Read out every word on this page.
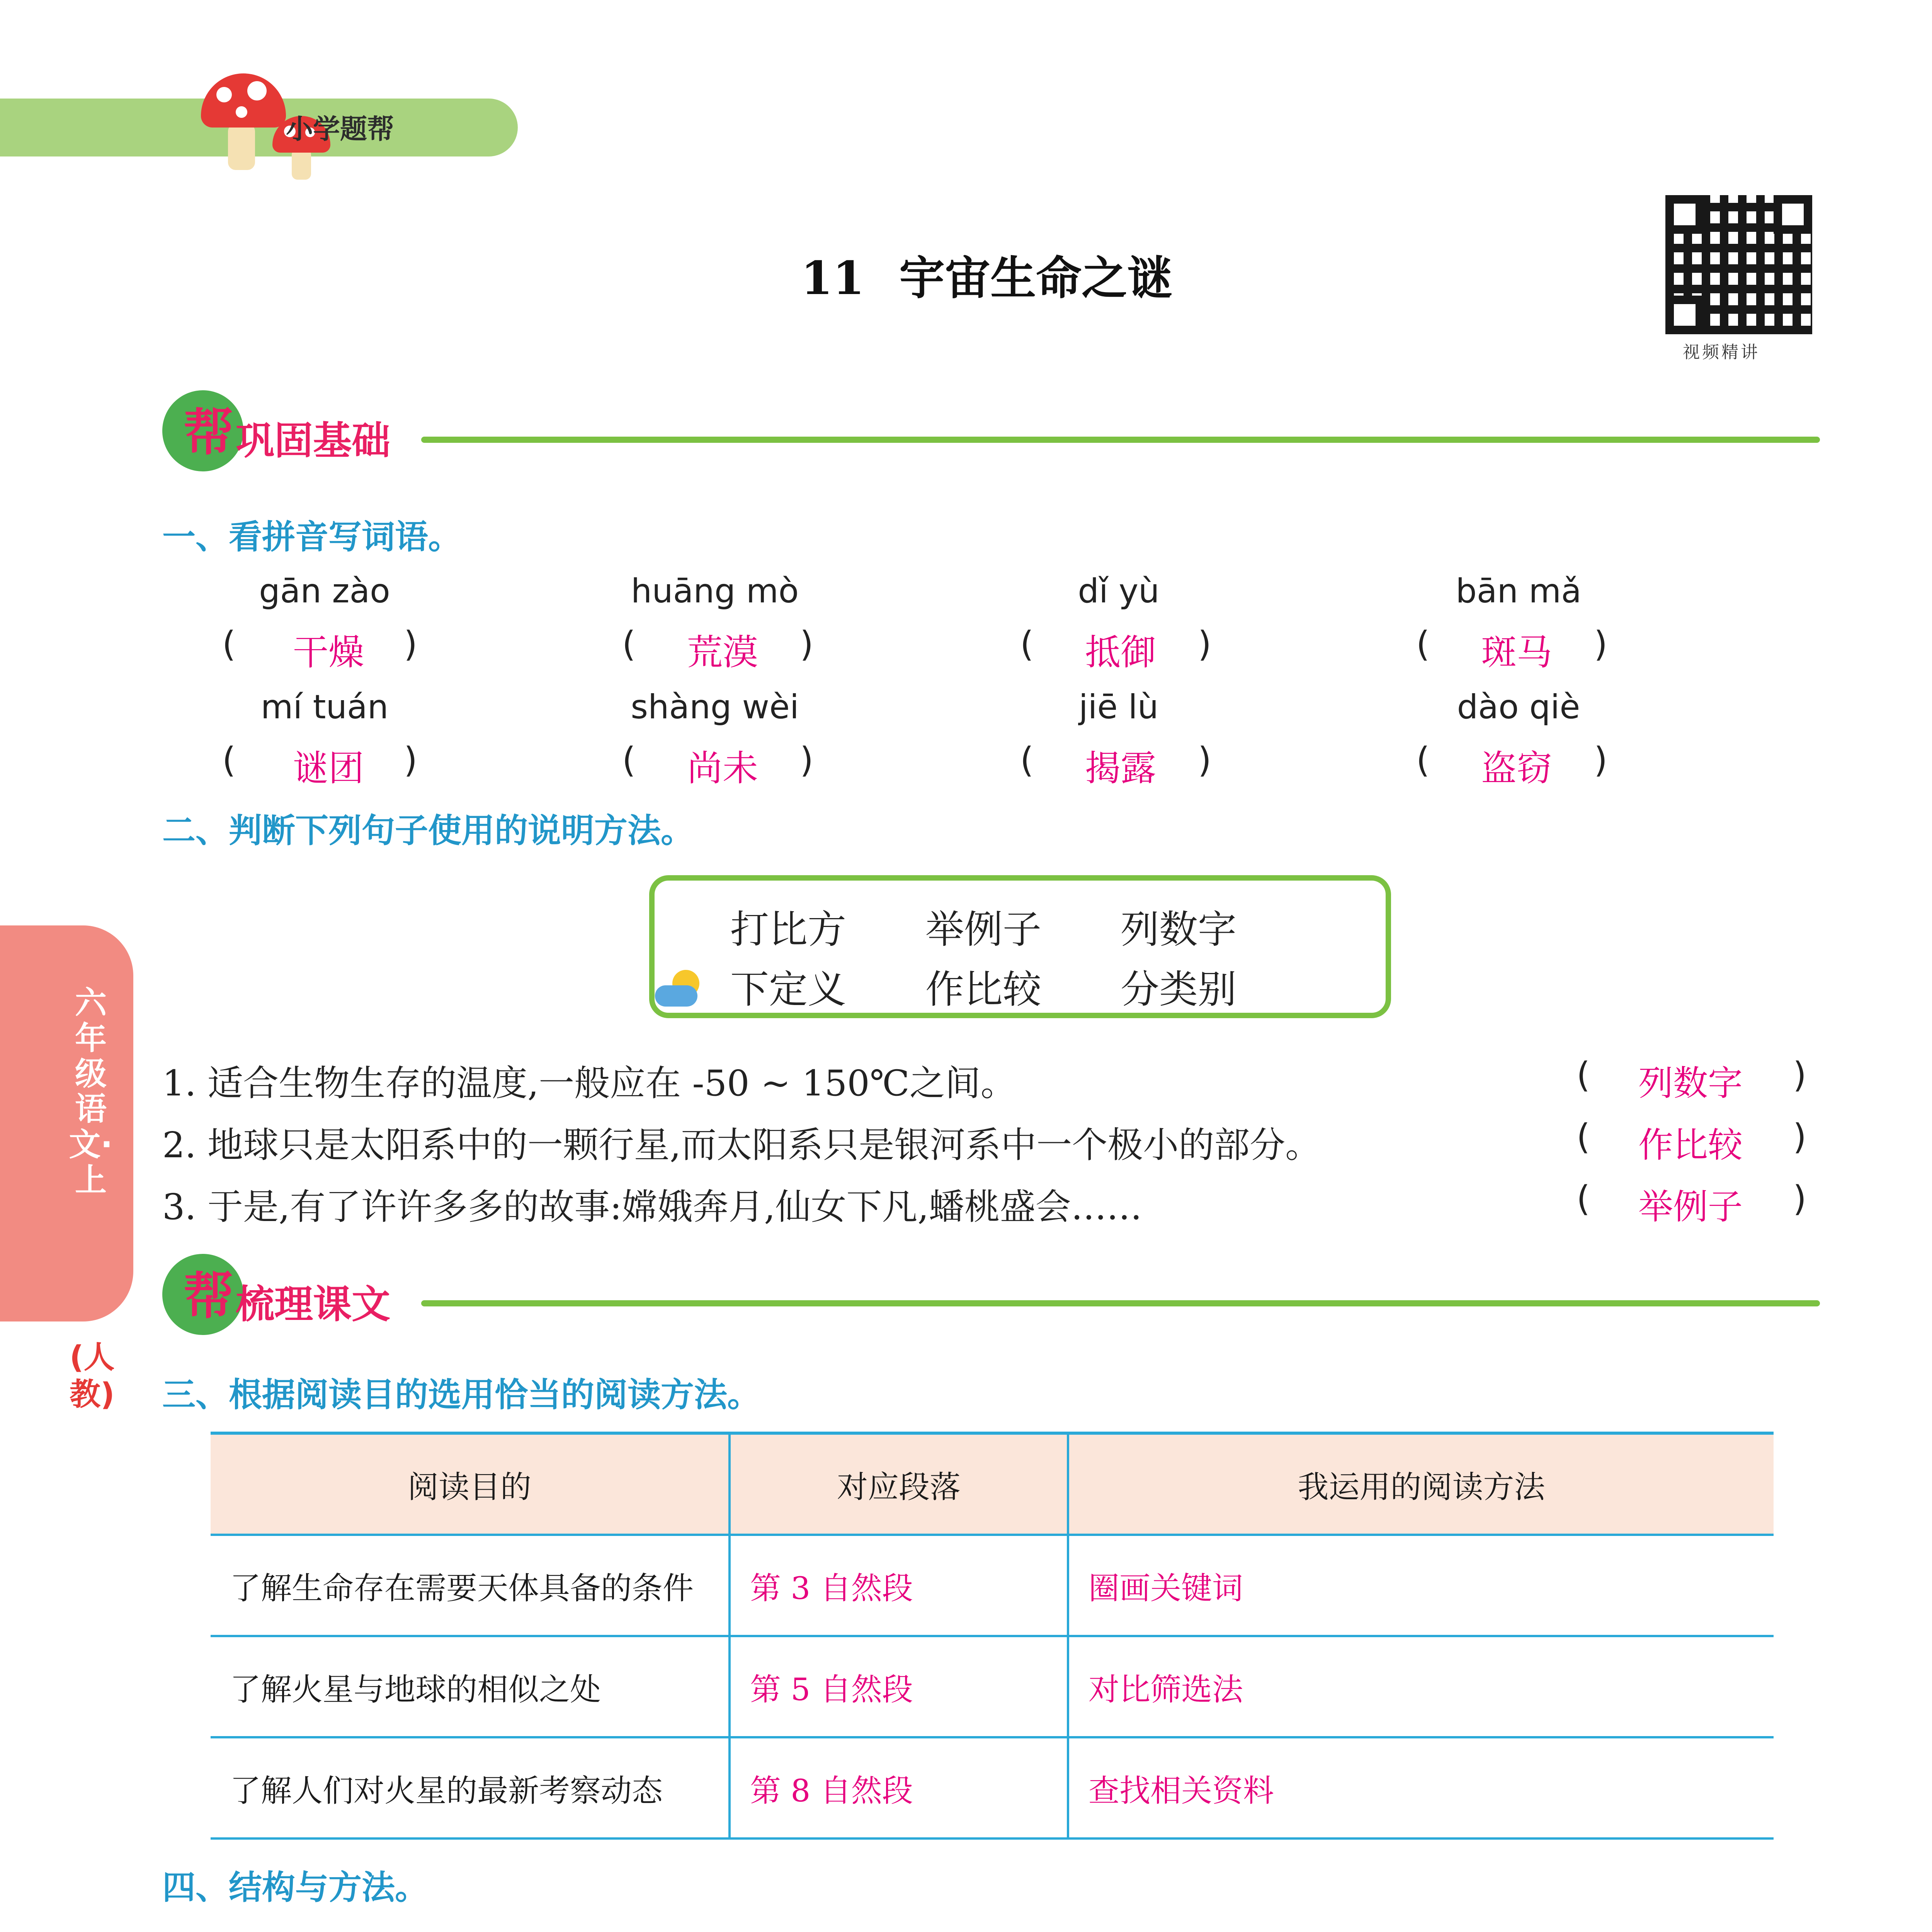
小学题帮
11 宇宙生命之谜
视频精讲
帮 巩固基础
一、看拼音写词语。
gān zào	huāng mò	dǐ yù	bān mǎ
(	干燥	)	(	荒漠	)	(	抵御	)	(	斑马	)
mí tuán	shàng wèi	jiē lù	dào qiè
(	谜团	)	(	尚未	)	(	揭露	)	(	盗窃	)
二、判断下列句子使用的说明方法。
打比方 举例子 列数字
下定义 作比较 分类别
1. 适合生物生存的温度,一般应在 -50 ~ 150℃之间。	( 列数字 )
2. 地球只是太阳系中的一颗行星,而太阳系只是银河系中一个极小的部分。	( 作比较 )
3. 于是,有了许许多多的故事:嫦娥奔月,仙女下凡,蟠桃盛会……	( 举例子 )
六年级语文·上
(人教)
帮 梳理课文
三、根据阅读目的选用恰当的阅读方法。
阅读目的	对应段落	我运用的阅读方法
了解生命存在需要天体具备的条件	第 3 自然段	圈画关键词
了解火星与地球的相似之处	第 5 自然段	对比筛选法
了解人们对火星的最新考察动态	第 8 自然段	查找相关资料
四、结构与方法。
